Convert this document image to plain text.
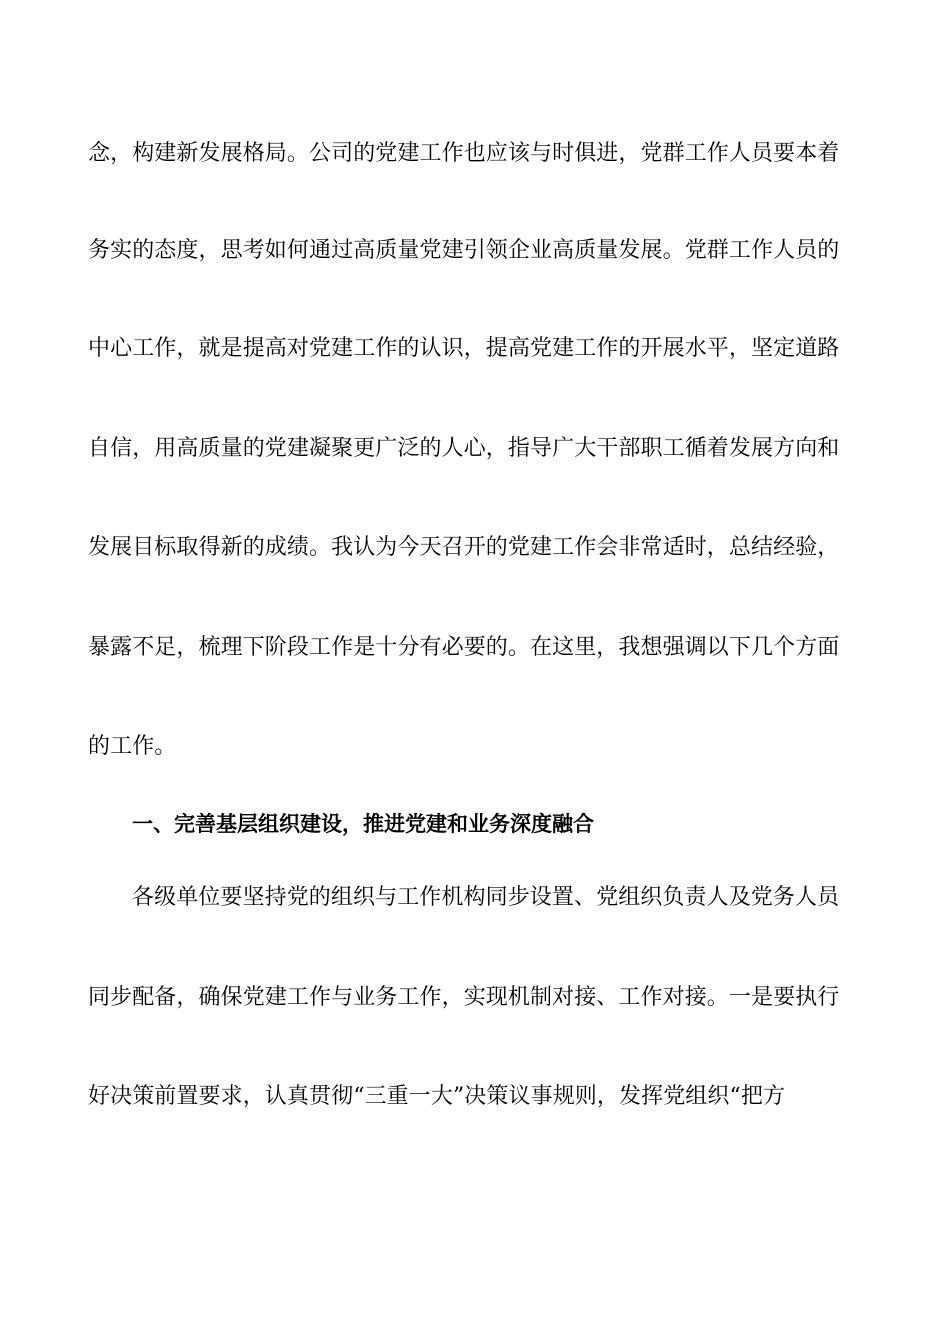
念，构建新发展格局。公司的党建工作也应该与时俱进，党群工作人员要本着
务实的态度，思考如何通过高质量党建引领企业高质量发展。党群工作人员的
中心工作，就是提高对党建工作的认识，提高党建工作的开展水平，坚定道路
自信，用高质量的党建凝聚更广泛的人心，指导广大干部职工循着发展方向和
发展目标取得新的成绩。我认为今天召开的党建工作会非常适时，总结经验，
暴露不足，梳理下阶段工作是十分有必要的。在这里，我想强调以下几个方面
的工作。
一、完善基层组织建设，推进党建和业务深度融合
各级单位要坚持党的组织与工作机构同步设置、党组织负责人及党务人员
同步配备，确保党建工作与业务工作，实现机制对接、工作对接。一是要执行
好决策前置要求，认真贯彻“三重一大”决策议事规则，发挥党组织“把方
